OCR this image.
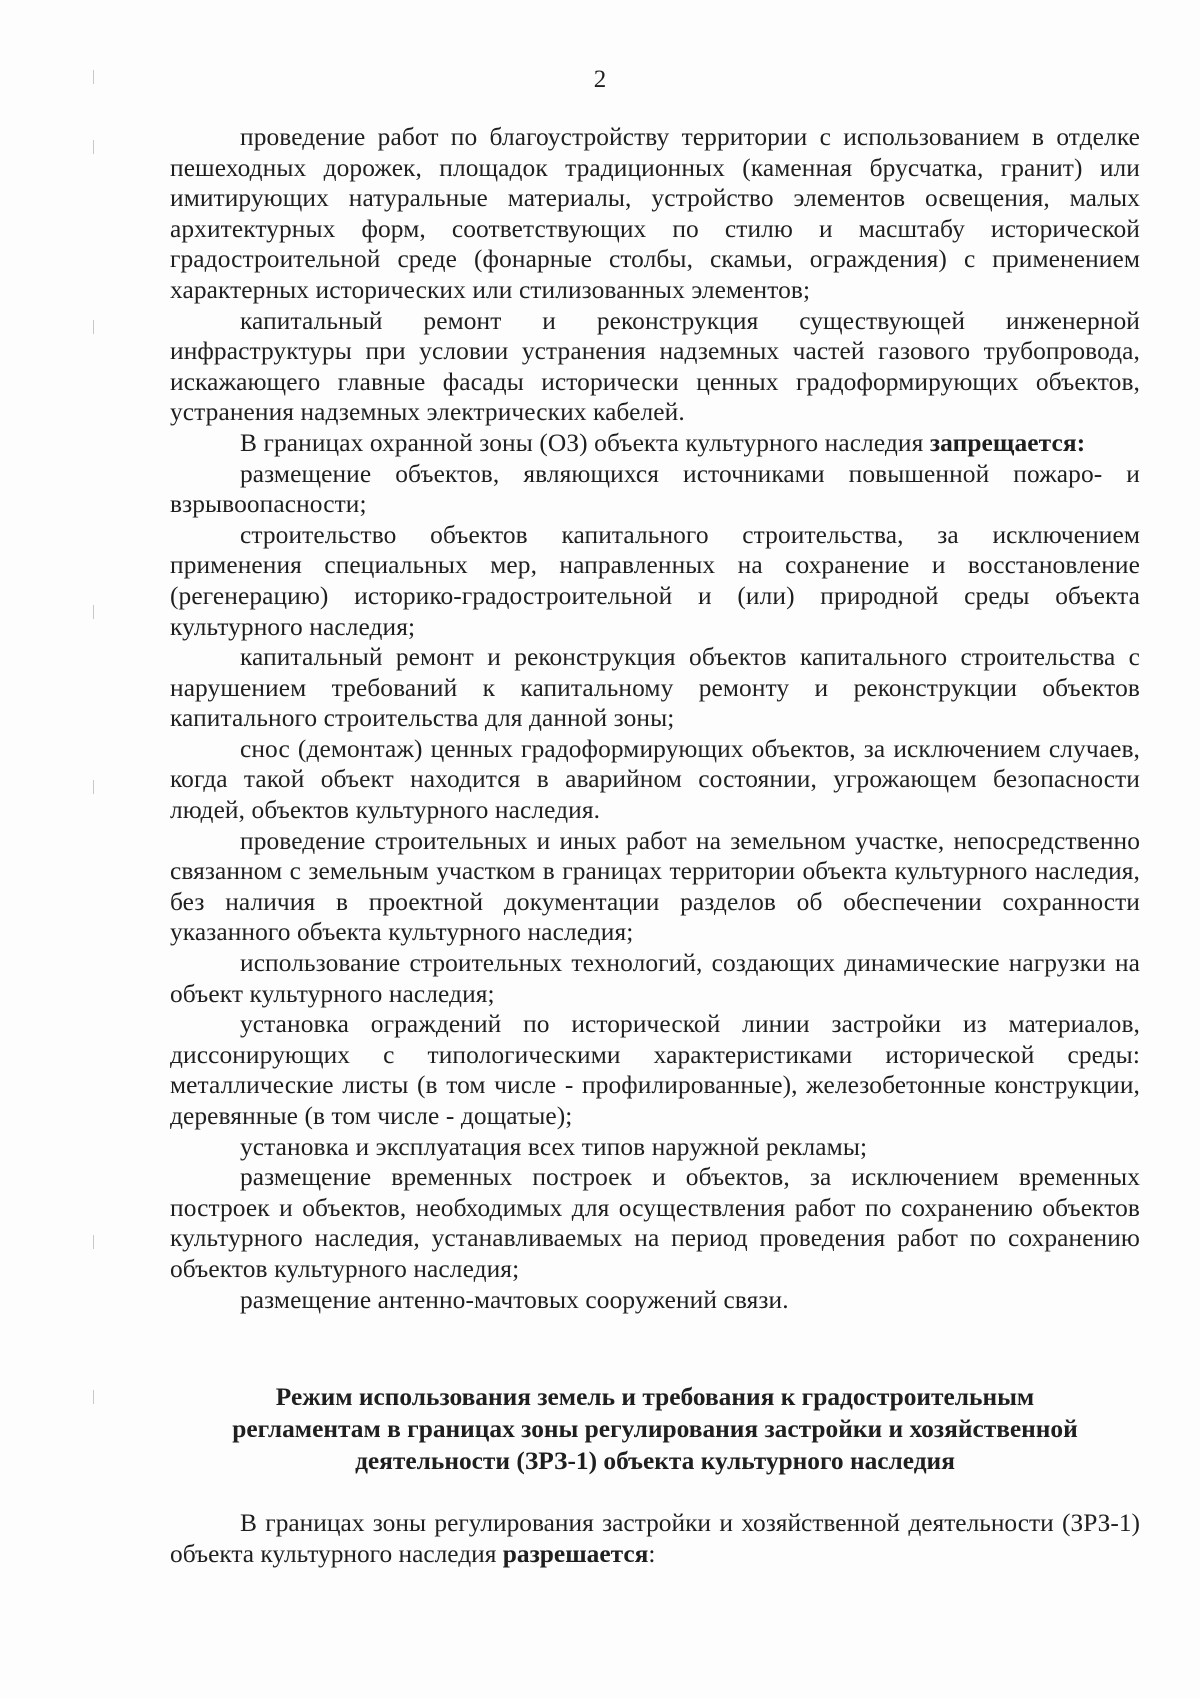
2

проведение работ по благоустройству территории с использованием в отделке пешеходных дорожек, площадок традиционных (каменная брусчатка, гранит) или имитирующих натуральные материалы, устройство элементов освещения, малых архитектурных форм, соответствующих по стилю и масштабу исторической градостроительной среде (фонарные столбы, скамьи, ограждения) с применением характерных исторических или стилизованных элементов;

капитальный ремонт и реконструкция существующей инженерной инфраструктуры при условии устранения надземных частей газового трубопровода, искажающего главные фасады исторически ценных градоформирующих объектов, устранения надземных электрических кабелей.

В границах охранной зоны (ОЗ) объекта культурного наследия запрещается:

размещение объектов, являющихся источниками повышенной пожаро- и взрывоопасности;

строительство объектов капитального строительства, за исключением применения специальных мер, направленных на сохранение и восстановление (регенерацию) историко-градостроительной и (или) природной среды объекта культурного наследия;

капитальный ремонт и реконструкция объектов капитального строительства с нарушением требований к капитальному ремонту и реконструкции объектов капитального строительства для данной зоны;

снос (демонтаж) ценных градоформирующих объектов, за исключением случаев, когда такой объект находится в аварийном состоянии, угрожающем безопасности людей, объектов культурного наследия.

проведение строительных и иных работ на земельном участке, непосредственно связанном с земельным участком в границах территории объекта культурного наследия, без наличия в проектной документации разделов об обеспечении сохранности указанного объекта культурного наследия;

использование строительных технологий, создающих динамические нагрузки на объект культурного наследия;

установка ограждений по исторической линии застройки из материалов, диссонирующих с типологическими характеристиками исторической среды: металлические листы (в том числе - профилированные), железобетонные конструкции, деревянные (в том числе - дощатые);

установка и эксплуатация всех типов наружной рекламы;

размещение временных построек и объектов, за исключением временных построек и объектов, необходимых для осуществления работ по сохранению объектов культурного наследия, устанавливаемых на период проведения работ по сохранению объектов культурного наследия;

размещение антенно-мачтовых сооружений связи.

Режим использования земель и требования к градостроительным
регламентам в границах зоны регулирования застройки и хозяйственной
деятельности (ЗРЗ-1) объекта культурного наследия

В границах зоны регулирования застройки и хозяйственной деятельности (ЗРЗ-1) объекта культурного наследия разрешается:
